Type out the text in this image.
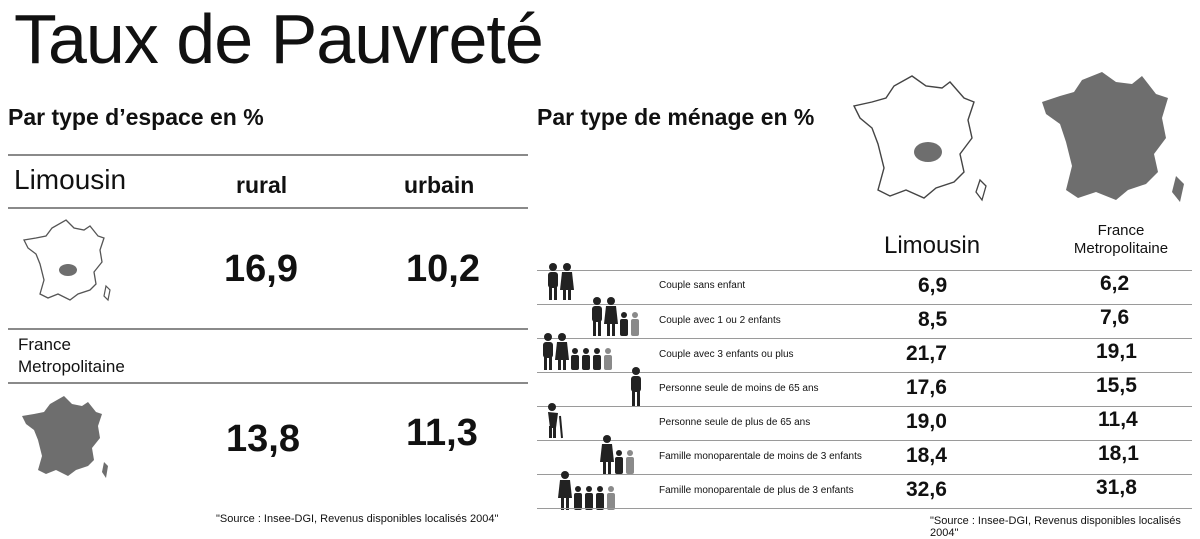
Taux de Pauvreté
Par type d’espace en %
Limousin	rural	urbain
16,9	10,2
France
Metropolitaine
13,8	11,3
"Source : Insee-DGI, Revenus disponibles localisés 2004"
Par type de ménage en %
Limousin
France
Metropolitaine
Couple sans enfant	6,9	6,2
Couple avec 1 ou 2 enfants	8,5	7,6
Couple avec 3 enfants ou plus	21,7	19,1
Personne seule de moins de 65 ans	17,6	15,5
Personne seule de plus de 65 ans	19,0	11,4
Famille monoparentale de moins de 3 enfants 18,4	18,1
Famille monoparentale de plus de 3 enfants 32,6	31,8
"Source : Insee-DGI, Revenus disponibles localisés 2004"
